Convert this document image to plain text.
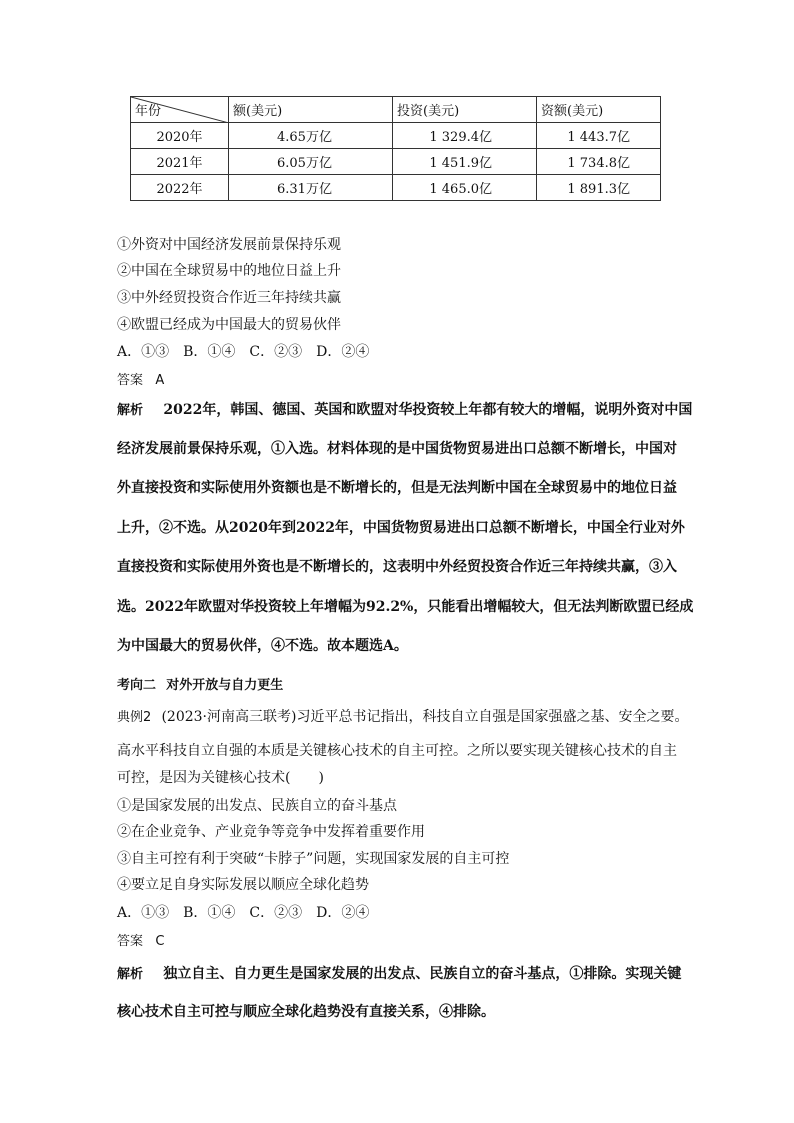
年份	额(美元)	投资(美元)	资额(美元)
2020年	4.65万亿	1 329.4亿	1 443.7亿
2021年	6.05万亿	1 451.9亿	1 734.8亿
2022年	6.31万亿	1 465.0亿	1 891.3亿
①外资对中国经济发展前景保持乐观
②中国在全球贸易中的地位日益上升
③中外经贸投资合作近三年持续共赢
④欧盟已经成为中国最大的贸易伙伴
A．①③　B．①④　C．②③　D．②④
答案 A
解析 2022年，韩国、德国、英国和欧盟对华投资较上年都有较大的增幅，说明外资对中国
经济发展前景保持乐观，①入选。材料体现的是中国货物贸易进出口总额不断增长，中国对
外直接投资和实际使用外资额也是不断增长的，但是无法判断中国在全球贸易中的地位日益
上升，②不选。从2020年到2022年，中国货物贸易进出口总额不断增长，中国全行业对外
直接投资和实际使用外资也是不断增长的，这表明中外经贸投资合作近三年持续共赢，③入
选。2022年欧盟对华投资较上年增幅为92.2%，只能看出增幅较大，但无法判断欧盟已经成
为中国最大的贸易伙伴，④不选。故本题选A。
考向二 对外开放与自力更生
典例2 (2023·河南高三联考)习近平总书记指出，科技自立自强是国家强盛之基、安全之要。
高水平科技自立自强的本质是关键核心技术的自主可控。之所以要实现关键核心技术的自主
可控，是因为关键核心技术(　　)
①是国家发展的出发点、民族自立的奋斗基点
②在企业竞争、产业竞争等竞争中发挥着重要作用
③自主可控有利于突破“卡脖子”问题，实现国家发展的自主可控
④要立足自身实际发展以顺应全球化趋势
A．①③　B．①④　C．②③　D．②④
答案 C
解析 独立自主、自力更生是国家发展的出发点、民族自立的奋斗基点，①排除。实现关键
核心技术自主可控与顺应全球化趋势没有直接关系，④排除。
